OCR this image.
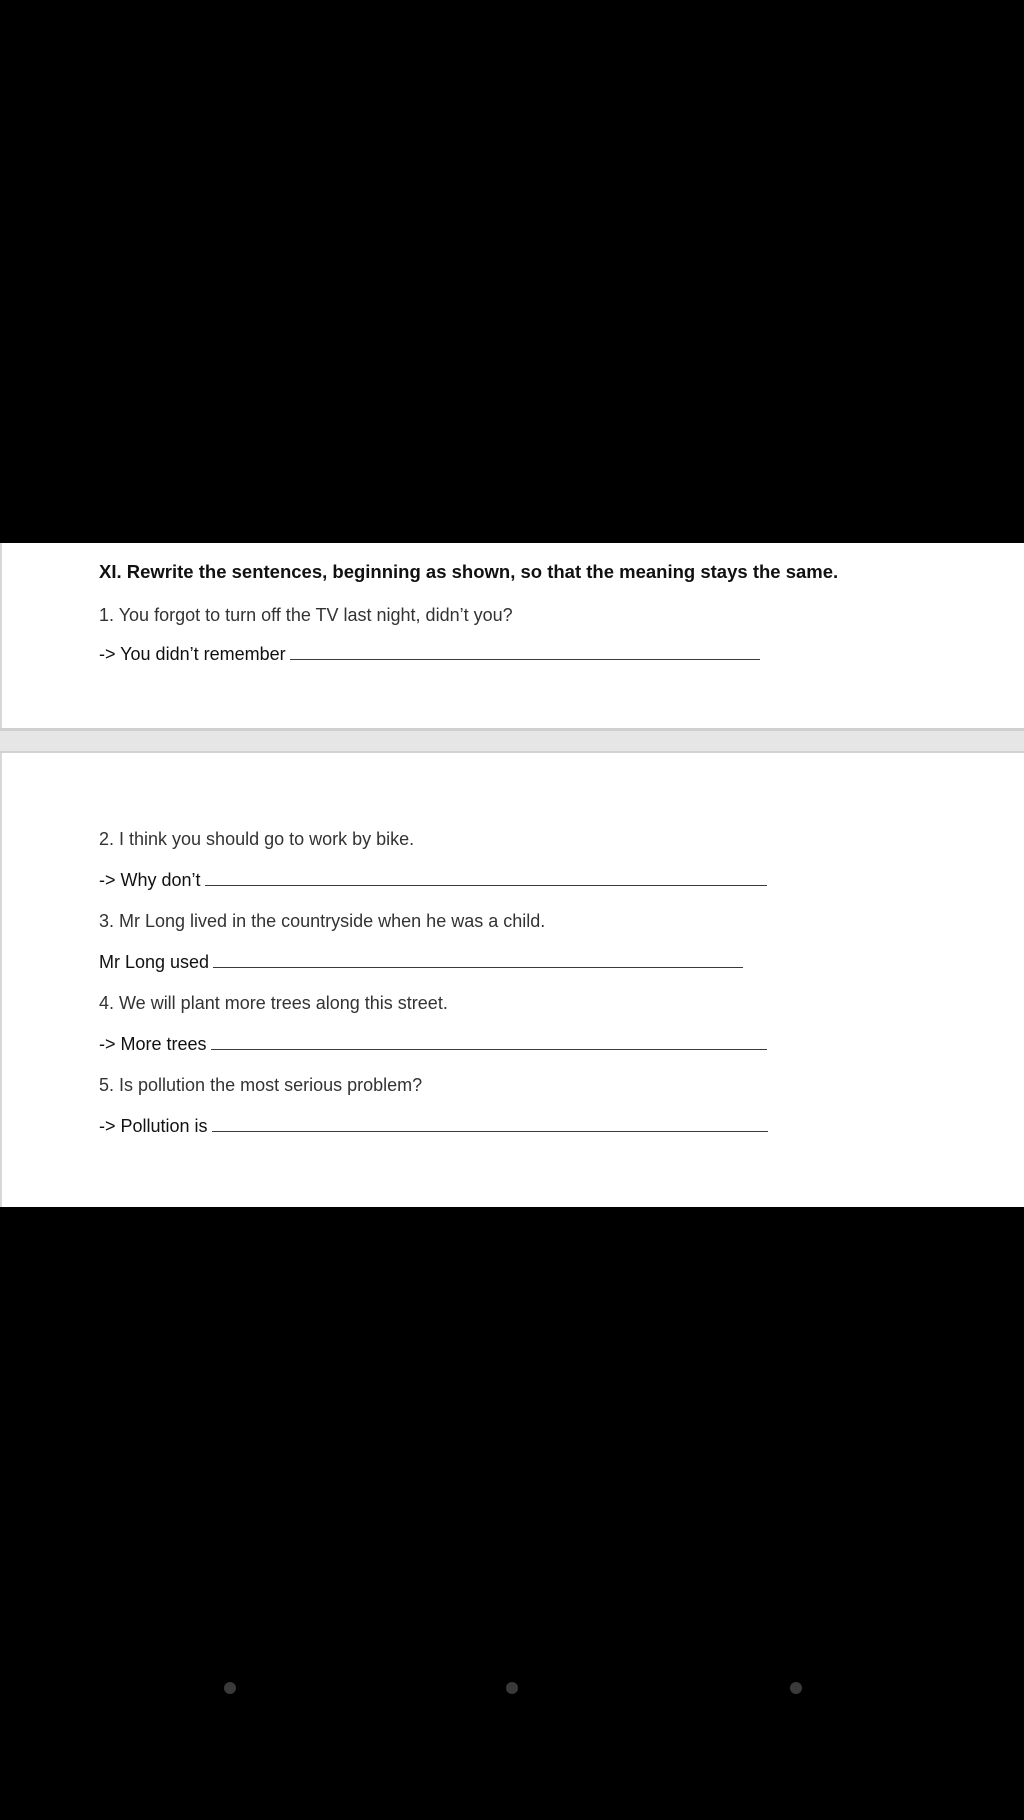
XI. Rewrite the sentences, beginning as shown, so that the meaning stays the same.
1. You forgot to turn off the TV last night, didn’t you?
-> You didn’t remember
2. I think you should go to work by bike.
-> Why don’t
3. Mr Long lived in the countryside when he was a child.
Mr Long used
4. We will plant more trees along this street.
-> More trees
5. Is pollution the most serious problem?
-> Pollution is
